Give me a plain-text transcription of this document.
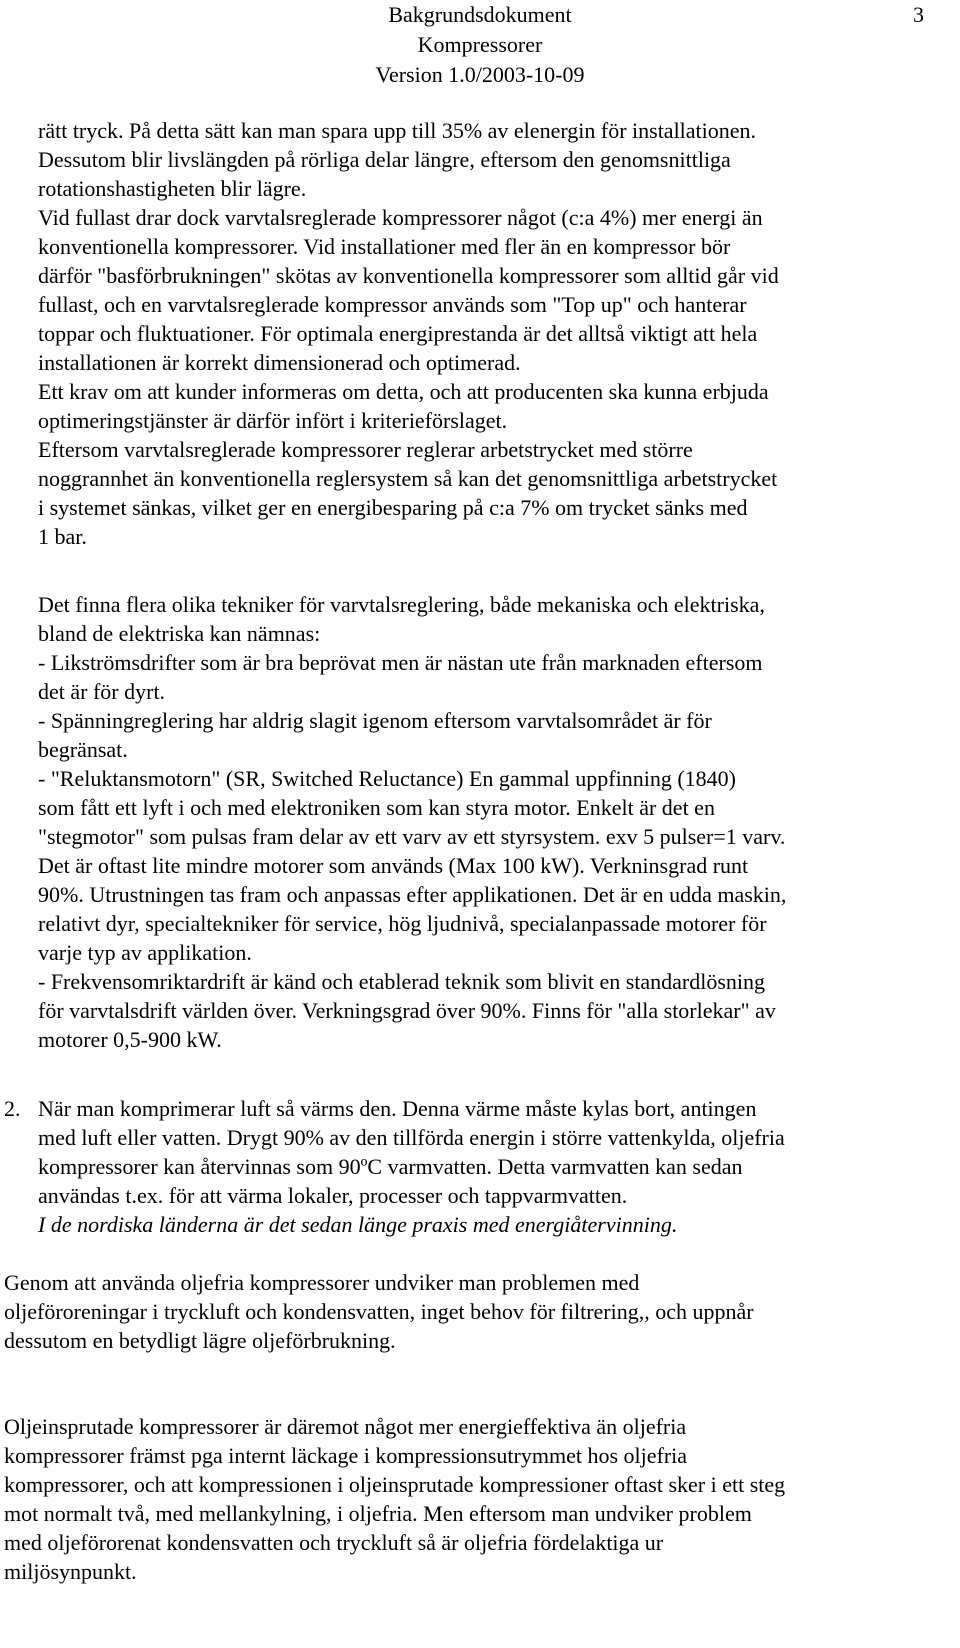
Bakgrundsdokument
Kompressorer
Version 1.0/2003-10-09
3
rätt tryck. På detta sätt kan man spara upp till 35% av elenergin för installationen.
Dessutom blir livslängden på rörliga delar längre, eftersom den genomsnittliga
rotationshastigheten blir lägre.
Vid fullast drar dock varvtalsreglerade kompressorer något (c:a 4%) mer energi än
konventionella kompressorer. Vid installationer med fler än en kompressor bör
därför "basförbrukningen" skötas av konventionella kompressorer som alltid går vid
fullast, och en varvtalsreglerade kompressor används som "Top up" och hanterar
toppar och fluktuationer. För optimala energiprestanda är det alltså viktigt att hela
installationen är korrekt dimensionerad och optimerad.
Ett krav om att kunder informeras om detta, och att producenten ska kunna erbjuda
optimeringstjänster är därför infört i kriterieförslaget.
Eftersom varvtalsreglerade kompressorer reglerar arbetstrycket med större
noggrannhet än konventionella reglersystem så kan det genomsnittliga arbetstrycket
i systemet sänkas, vilket ger en energibesparing på c:a 7% om trycket sänks med
1 bar.
Det finna flera olika tekniker för varvtalsreglering, både mekaniska och elektriska,
bland de elektriska kan nämnas:
- Likströmsdrifter som är bra beprövat men är nästan ute från marknaden eftersom
det är för dyrt.
- Spänningreglering har aldrig slagit igenom eftersom varvtalsområdet är för
begränsat.
- "Reluktansmotorn" (SR, Switched Reluctance) En gammal uppfinning (1840)
som fått ett lyft i och med elektroniken som kan styra motor. Enkelt är det en
"stegmotor" som pulsas fram delar av ett varv av ett styrsystem. exv 5 pulser=1 varv.
Det är oftast lite mindre motorer som används (Max 100 kW). Verkninsgrad runt
90%. Utrustningen tas fram och anpassas efter applikationen. Det är en udda maskin,
relativt dyr, specialtekniker för service, hög ljudnivå, specialanpassade motorer för
varje typ av applikation.
- Frekvensomriktardrift är känd och etablerad teknik som blivit en standardlösning
för varvtalsdrift världen över. Verkningsgrad över 90%. Finns för "alla storlekar" av
motorer 0,5-900 kW.
2. När man komprimerar luft så värms den. Denna värme måste kylas bort, antingen
med luft eller vatten. Drygt 90% av den tillförda energin i större vattenkylda, oljefria
kompressorer kan återvinnas som 90ºC varmvatten. Detta varmvatten kan sedan
användas t.ex. för att värma lokaler, processer och tappvarmvatten.
I de nordiska länderna är det sedan länge praxis med energiåtervinning.
Genom att använda oljefria kompressorer undviker man problemen med
oljeföroreningar i tryckluft och kondensvatten, inget behov för filtrering,, och uppnår
dessutom en betydligt lägre oljeförbrukning.
Oljeinsprutade kompressorer är däremot något mer energieffektiva än oljefria
kompressorer främst pga internt läckage i kompressionsutrymmet hos oljefria
kompressorer, och att kompressionen i oljeinsprutade kompressioner oftast sker i ett steg
mot normalt två, med mellankylning, i oljefria. Men eftersom man undviker problem
med oljeförorenat kondensvatten och tryckluft så är oljefria fördelaktiga ur
miljösynpunkt.
